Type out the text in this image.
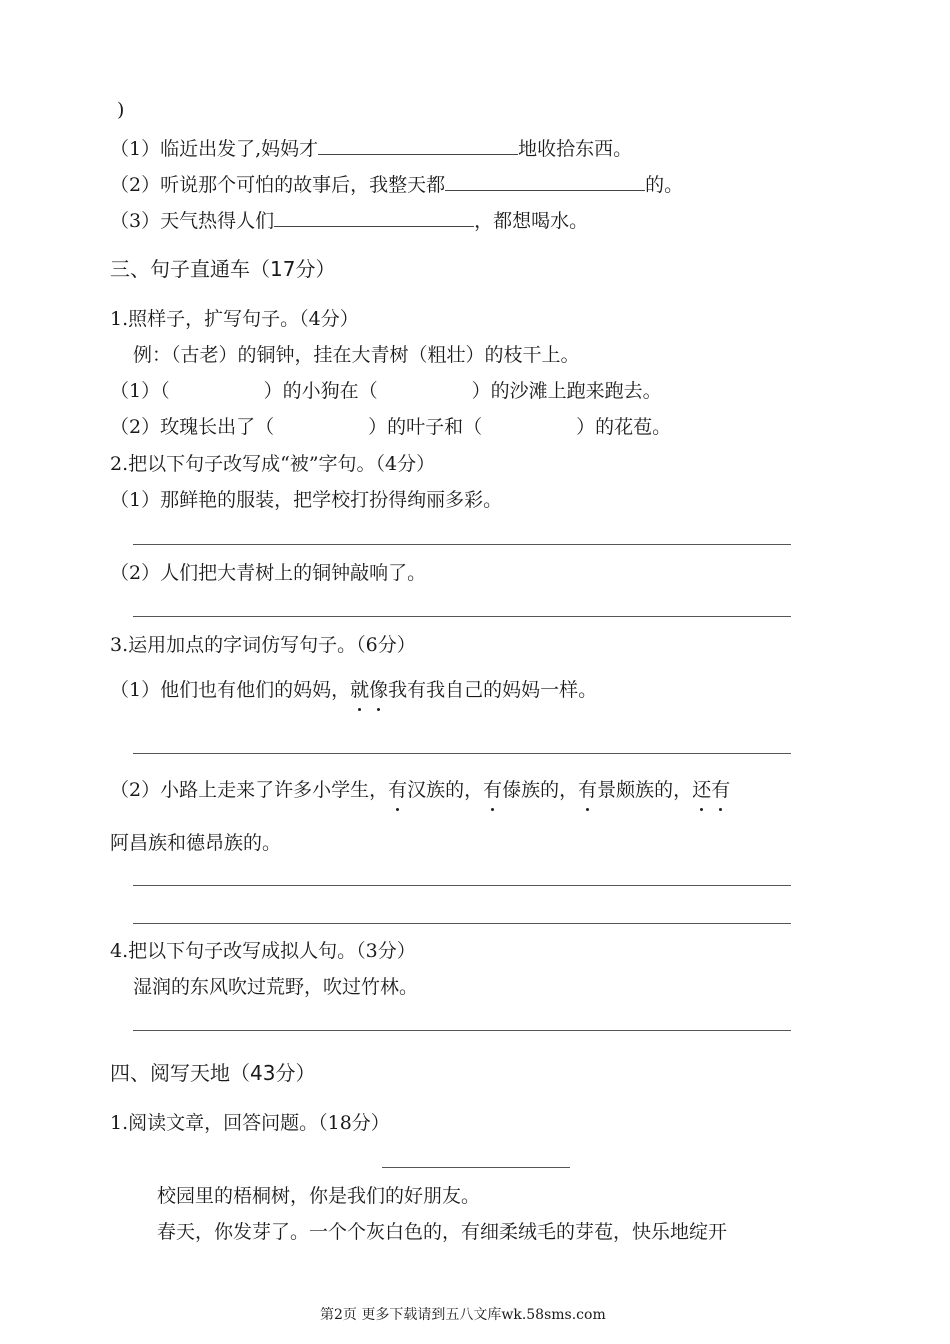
)
（1）临近出发了,妈妈才	地收拾东西。
（2）听说那个可怕的故事后，我整天都	的。
（3）天气热得人们	，都想喝水。
三、句子直通车（17分）
1.照样子，扩写句子。（4分）
例：（古老）的铜钟，挂在大青树（粗壮）的枝干上。
（1）（	）的小狗在（	）的沙滩上跑来跑去。
（2）玫瑰长出了（	）的叶子和（	）的花苞。
2.把以下句子改写成“被”字句。（4分）
（1）那鲜艳的服装，把学校打扮得绚丽多彩。
（2）人们把大青树上的铜钟敲响了。
3.运用加点的字词仿写句子。（6分）
（1）他们也有他们的妈妈，就像我有我自己的妈妈一样。
（2）小路上走来了许多小学生，有汉族的，有傣族的，有景颇族的，还有
阿昌族和德昂族的。
4.把以下句子改写成拟人句。（3分）
湿润的东风吹过荒野，吹过竹林。
四、阅写天地（43分）
1.阅读文章，回答问题。（18分）
校园里的梧桐树，你是我们的好朋友。
春天，你发芽了。一个个灰白色的，有细柔绒毛的芽苞，快乐地绽开
第2页 更多下载请到五八文库wk.58sms.com
